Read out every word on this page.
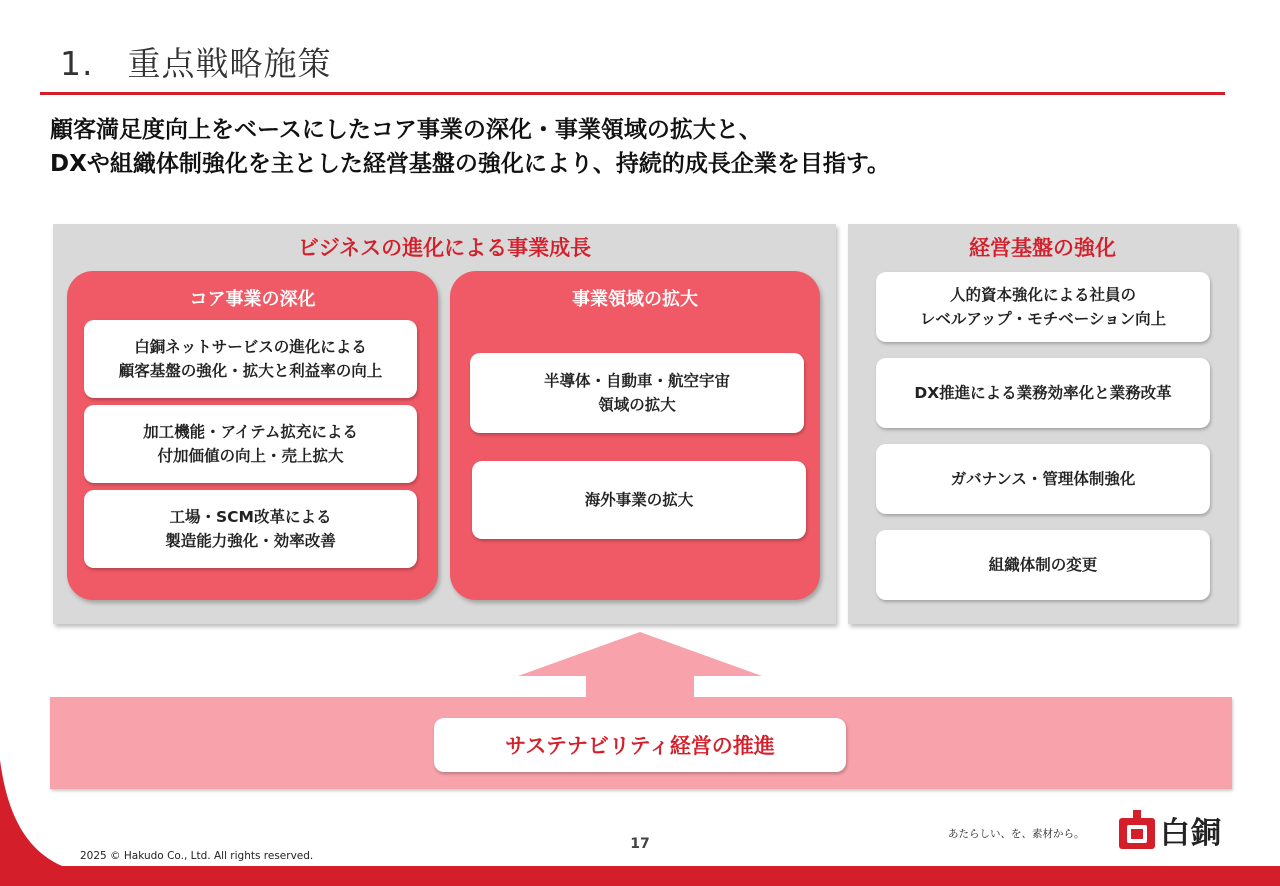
1.　重点戦略施策
顧客満足度向上をベースにしたコア事業の深化・事業領域の拡大と、
DXや組織体制強化を主とした経営基盤の強化により、持続的成長企業を目指す。
ビジネスの進化による事業成長
コア事業の深化
白銅ネットサービスの進化による
顧客基盤の強化・拡大と利益率の向上
加工機能・アイテム拡充による
付加価値の向上・売上拡大
工場・SCM改革による
製造能力強化・効率改善
事業領域の拡大
半導体・自動車・航空宇宙
領域の拡大
海外事業の拡大
経営基盤の強化
人的資本強化による社員の
レベルアップ・モチベーション向上
DX推進による業務効率化と業務改革
ガバナンス・管理体制強化
組織体制の変更
サステナビリティ経営の推進
2025 © Hakudo Co., Ltd. All rights reserved.
17
あたらしい、を、素材から。	白銅
